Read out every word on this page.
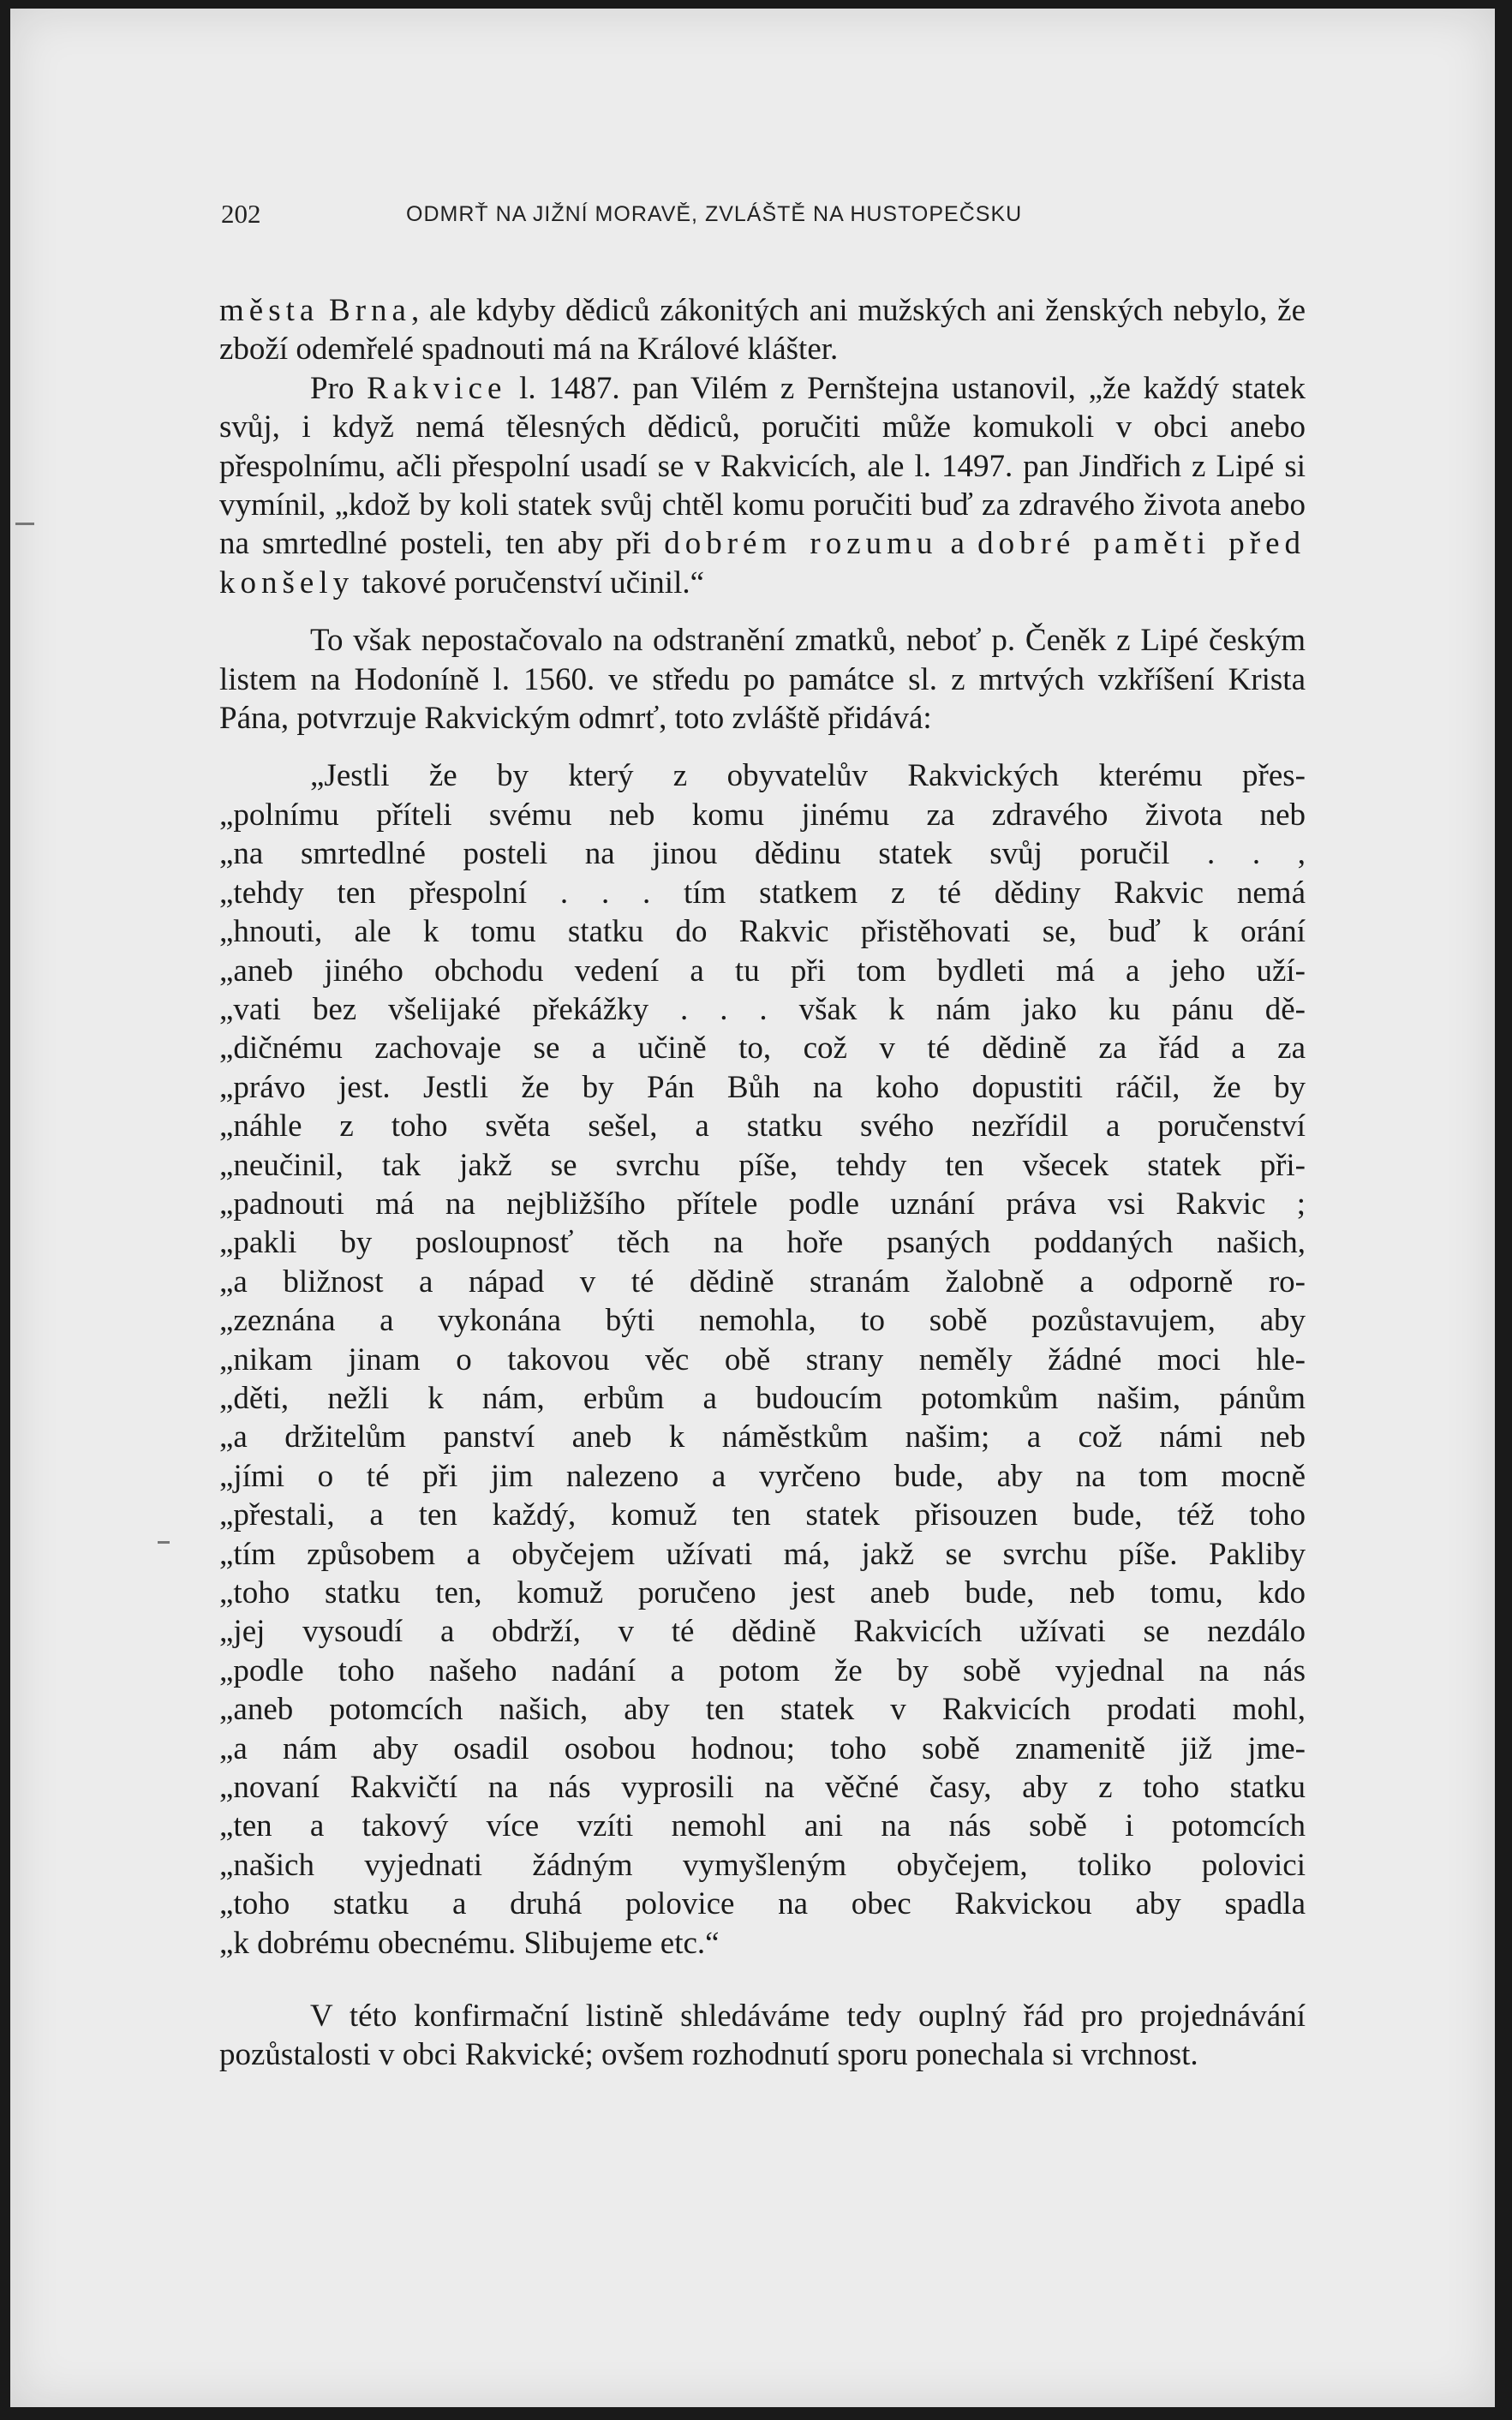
202	ODMRŤ NA JIŽNÍ MORAVĚ, ZVLÁŠTĚ NA HUSTOPEČSKU

města Brna, ale kdyby dědiců zákonitých ani mužských ani ženských nebylo, že zboží odemřelé spadnouti má na Králové klášter.

Pro Rakvice l. 1487. pan Vilém z Pernštejna ustanovil, „že každý statek svůj, i když nemá tělesných dědiců, poručiti může komukoli v obci anebo přespolnímu, ačli přespolní usadí se v Rakvicích, ale l. 1497. pan Jindřich z Lipé si vymínil, „kdož by koli statek svůj chtěl komu poručiti buď za zdravého života anebo na smrtedlné posteli, ten aby při dobrém rozumu a dobré paměti před konšely takové poručenství učinil.“

To však nepostačovalo na odstranění zmatků, neboť p. Čeněk z Lipé českým listem na Hodoníně l. 1560. ve středu po památce sl. z mrtvých vzkříšení Krista Pána, potvrzuje Rakvickým odmrť, toto zvláště přidává:

„Jestli že by který z obyvatelův Rakvických kterému přes-
„polnímu příteli svému neb komu jinému za zdravého života neb
„na smrtedlné posteli na jinou dědinu statek svůj poručil . . ,
„tehdy ten přespolní . . . tím statkem z té dědiny Rakvic nemá
„hnouti, ale k tomu statku do Rakvic přistěhovati se, buď k orání
„aneb jiného obchodu vedení a tu při tom bydleti má a jeho uží-
„vati bez všelijaké překážky . . . však k nám jako ku pánu dě-
„dičnému zachovaje se a učině to, což v té dědině za řád a za
„právo jest. Jestli že by Pán Bůh na koho dopustiti ráčil, že by
„náhle z toho světa sešel, a statku svého nezřídil a poručenství
„neučinil, tak jakž se svrchu píše, tehdy ten všecek statek při-
„padnouti má na nejbližšího přítele podle uznání práva vsi Rakvic ;
„pakli by posloupnosť těch na hoře psaných poddaných našich,
„a bližnost a nápad v té dědině stranám žalobně a odporně ro-
„zeznána a vykonána býti nemohla, to sobě pozůstavujem, aby
„nikam jinam o takovou věc obě strany neměly žádné moci hle-
„děti, nežli k nám, erbům a budoucím potomkům našim, pánům
„a držitelům panství aneb k náměstkům našim; a což námi neb
„jími o té při jim nalezeno a vyrčeno bude, aby na tom mocně
„přestali, a ten každý, komuž ten statek přisouzen bude, též toho
„tím způsobem a obyčejem užívati má, jakž se svrchu píše. Pakliby
„toho statku ten, komuž poručeno jest aneb bude, neb tomu, kdo
„jej vysoudí a obdrží, v té dědině Rakvicích užívati se nezdálo
„podle toho našeho nadání a potom že by sobě vyjednal na nás
„aneb potomcích našich, aby ten statek v Rakvicích prodati mohl,
„a nám aby osadil osobou hodnou; toho sobě znamenitě již jme-
„novaní Rakvičtí na nás vyprosili na věčné časy, aby z toho statku
„ten a takový více vzíti nemohl ani na nás sobě i potomcích
„našich vyjednati žádným vymyšleným obyčejem, toliko polovici
„toho statku a druhá polovice na obec Rakvickou aby spadla
„k dobrému obecnému. Slibujeme etc.“

V této konfirmační listině shledáváme tedy ouplný řád pro projednávání pozůstalosti v obci Rakvické; ovšem rozhodnutí sporu ponechala si vrchnost.
